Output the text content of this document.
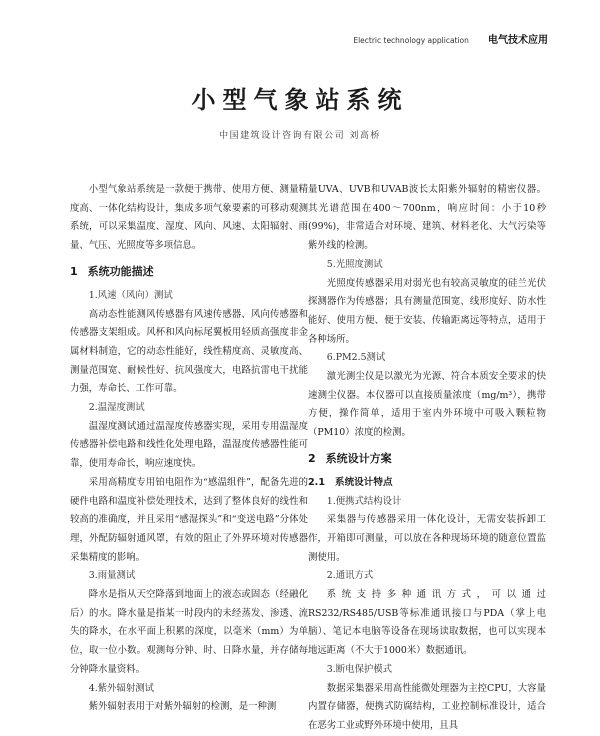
Electric technology application 电气技术应用
小型气象站系统
中国建筑设计咨询有限公司 刘高桥

小型气象站系统是一款便于携带、使用方便、测量精度高、一体化结构设计，集成多项气象要素的可移动观测系统，可以采集温度、湿度、风向、风速、太阳辐射、雨量、气压、光照度等多项信息。

1 系统功能描述

1.风速（风向）测试

高动态性能测风传感器有风速传感器、风向传感器和传感器支架组成。风杯和风向标尾翼板用轻质高强度非金属材料制造，它的动态性能好，线性精度高、灵敏度高、测量范围宽、耐候性好、抗风强度大，电路抗雷电干扰能力强，寿命长、工作可靠。

2.温湿度测试

温湿度测试通过温湿度传感器实现，采用专用温湿度传感器补偿电路和线性化处理电路，温湿度传感器性能可靠，使用寿命长，响应速度快。

采用高精度专用铂电阻作为“感温组件”，配备先进的硬件电路和温度补偿处理技术，达到了整体良好的线性和较高的准确度，并且采用“感湿探头”和“变送电路”分体处理，外配防辐射通风罩，有效的阻止了外界环境对传感器采集精度的影响。

3.雨量测试

降水是指从天空降落到地面上的液态或固态（经融化后）的水。降水量是指某一时段内的未经蒸发、渗透、流失的降水，在水平面上积累的深度，以毫米（mm）为单位，取一位小数。观测每分钟、时、日降水量，并存储每分钟降水量资料。

4.紫外辐射测试

紫外辐射表用于对紫外辐射的检测，是一种测

量UVA、UVB和UVAB波长太阳紫外辐射的精密仪器。其光谱范围在400～700nm，响应时间：小于10秒(99%)，非常适合对环境、建筑、材料老化、大气污染等紫外线的检测。

5.光照度测试

光照度传感器采用对弱光也有较高灵敏度的硅兰光伏探测器作为传感器；具有测量范围宽、线形度好、防水性能好、使用方便、便于安装、传输距离远等特点，适用于各种场所。

6.PM2.5测试

激光测尘仪是以激光为光源、符合本质安全要求的快速测尘仪器。本仪器可以直接质量浓度（mg/m³），携带方便，操作简单，适用于室内外环境中可吸入颗粒物（PM10）浓度的检测。

2 系统设计方案
2.1 系统设计特点

1.便携式结构设计

采集器与传感器采用一体化设计，无需安装拆卸工作，开箱即可测量，可以放在各种现场环境的随意位置监测使用。

2.通讯方式

系统支持多种通讯方式，可以通过RS232/RS485/USB等标准通讯接口与PDA（掌上电脑）、笔记本电脑等设备在现场读取数据，也可以实现本地远距离（不大于1000米）数据通讯。

3.断电保护模式

数据采集器采用高性能微处理器为主控CPU，大容量内置存储器，便携式防腐结构，工业控制标准设计，适合在恶劣工业或野外环境中使用，且具
